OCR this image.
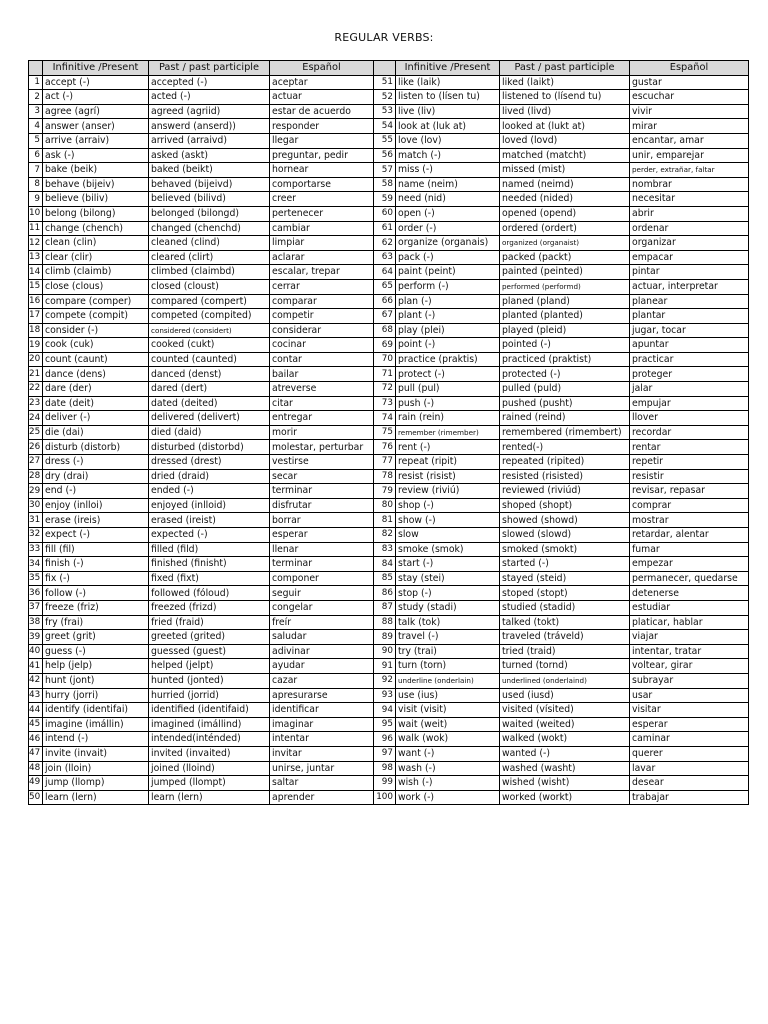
REGULAR VERBS:
	Infinitive /Present	Past / past participle	Español		Infinitive /Present	Past / past participle	Español
1	accept (-)	accepted (-)	aceptar	51	like (laik)	liked (laikt)	gustar
2	act (-)	acted (-)	actuar	52	listen to (lísen tu)	listened to (lísend tu)	escuchar
3	agree (agrí)	agreed (agriid)	estar de acuerdo	53	live (liv)	lived (livd)	vivir
4	answer (anser)	answerd (anserd))	responder	54	look at (luk at)	looked at (lukt at)	mirar
5	arrive (arraiv)	arrived (arraivd)	llegar	55	love (lov)	loved (lovd)	encantar, amar
6	ask (-)	asked (askt)	preguntar, pedir	56	match (-)	matched (matcht)	unir, emparejar
7	bake (beik)	baked (beikt)	hornear	57	miss (-)	missed (mist)	perder, extrañar, faltar
8	behave (bijeiv)	behaved (bijeivd)	comportarse	58	name (neim)	named (neimd)	nombrar
9	believe (biliv)	believed (bilivd)	creer	59	need (nid)	needed (nided)	necesitar
10	belong (bilong)	belonged (bilongd)	pertenecer	60	open (-)	opened (opend)	abrir
11	change (chench)	changed (chenchd)	cambiar	61	order (-)	ordered (ordert)	ordenar
12	clean (clin)	cleaned (clind)	limpiar	62	organize (organais)	organized (organaist)	organizar
13	clear (clir)	cleared (clirt)	aclarar	63	pack (-)	packed (packt)	empacar
14	climb (claimb)	climbed (claimbd)	escalar, trepar	64	paint (peint)	painted (peinted)	pintar
15	close (clous)	closed (cloust)	cerrar	65	perform (-)	performed (performd)	actuar, interpretar
16	compare (comper)	compared (compert)	comparar	66	plan (-)	planed (pland)	planear
17	compete (compit)	competed (compited)	competir	67	plant (-)	planted (planted)	plantar
18	consider (-)	considered (considert)	considerar	68	play (plei)	played (pleid)	jugar, tocar
19	cook (cuk)	cooked (cukt)	cocinar	69	point (-)	pointed (-)	apuntar
20	count (caunt)	counted (caunted)	contar	70	practice (praktis)	practiced (praktist)	practicar
21	dance (dens)	danced (denst)	bailar	71	protect (-)	protected (-)	proteger
22	dare (der)	dared (dert)	atreverse	72	pull (pul)	pulled (puld)	jalar
23	date (deit)	dated (deited)	citar	73	push (-)	pushed (pusht)	empujar
24	deliver (-)	delivered (delivert)	entregar	74	rain (rein)	rained (reind)	llover
25	die (dai)	died (daid)	morir	75	remember (rimember)	remembered (rimembert)	recordar
26	disturb (distorb)	disturbed (distorbd)	molestar, perturbar	76	rent (-)	rented(-)	rentar
27	dress (-)	dressed (drest)	vestirse	77	repeat (ripit)	repeated (ripited)	repetir
28	dry (drai)	dried (draid)	secar	78	resist (risist)	resisted (risisted)	resistir
29	end (-)	ended (-)	terminar	79	review (riviú)	reviewed (riviúd)	revisar, repasar
30	enjoy (inlloi)	enjoyed (inlloid)	disfrutar	80	shop (-)	shoped (shopt)	comprar
31	erase (ireis)	erased (ireist)	borrar	81	show (-)	showed (showd)	mostrar
32	expect (-)	expected (-)	esperar	82	slow	slowed (slowd)	retardar, alentar
33	fill (fil)	filled (fild)	llenar	83	smoke (smok)	smoked (smokt)	fumar
34	finish (-)	finished (finisht)	terminar	84	start (-)	started (-)	empezar
35	fix (-)	fixed (fixt)	componer	85	stay (stei)	stayed (steid)	permanecer, quedarse
36	follow (-)	followed (fóloud)	seguir	86	stop (-)	stoped (stopt)	detenerse
37	freeze (friz)	freezed (frizd)	congelar	87	study (stadi)	studied (stadid)	estudiar
38	fry (frai)	fried (fraid)	freír	88	talk (tok)	talked (tokt)	platicar, hablar
39	greet (grit)	greeted (grited)	saludar	89	travel (-)	traveled (tráveld)	viajar
40	guess (-)	guessed (guest)	adivinar	90	try (trai)	tried (traid)	intentar, tratar
41	help (jelp)	helped (jelpt)	ayudar	91	turn (torn)	turned (tornd)	voltear, girar
42	hunt (jont)	hunted (jonted)	cazar	92	underline (onderlain)	underlined (onderlaind)	subrayar
43	hurry (jorri)	hurried (jorrid)	apresurarse	93	use (ius)	used (iusd)	usar
44	identify (identifai)	identified (identifaid)	identificar	94	visit (visit)	visited (vísited)	visitar
45	imagine (imállin)	imagined (imállind)	imaginar	95	wait (weit)	waited (weited)	esperar
46	intend (-)	intended(inténded)	intentar	96	walk (wok)	walked (wokt)	caminar
47	invite (invait)	invited (invaited)	invitar	97	want (-)	wanted (-)	querer
48	join (lloin)	joined (lloind)	unirse, juntar	98	wash (-)	washed (washt)	lavar
49	jump (llomp)	jumped (llompt)	saltar	99	wish (-)	wished (wisht)	desear
50	learn (lern)	learn (lern)	aprender	100	work (-)	worked (workt)	trabajar
